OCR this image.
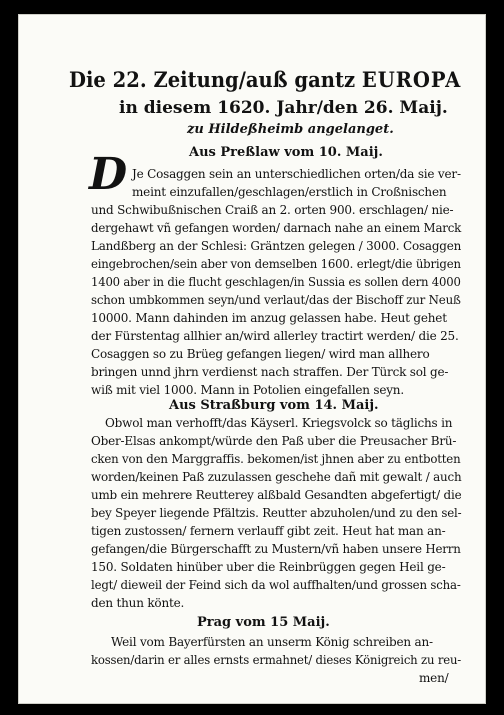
Die 22. Zeitung/auß gantz EUROPA
in diesem 1620. Jahr/den 26. Maij.
zu Hildeßheimb angelanget.
Aus Preßlaw vom 10. Maij.
D Je Cosaggen sein an unterschiedlichen orten/da sie ver-
meint einzufallen/geschlagen/erstlich in Croßnischen
und Schwibußnischen Craiß an 2. orten 900. erschlagen/ nie-
dergehawt vñ gefangen worden/ darnach nahe an einem Marck
Landßberg an der Schlesi: Gräntzen gelegen / 3000. Cosaggen
eingebrochen/sein aber von demselben 1600. erlegt/die übrigen
1400 aber in die flucht geschlagen/in Sussia es sollen dern 4000
schon umbkommen seyn/und verlaut/das der Bischoff zur Neuß
10000. Mann dahinden im anzug gelassen habe. Heut gehet
der Fürstentag allhier an/wird allerley tractirt werden/ die 25.
Cosaggen so zu Brüeg gefangen liegen/ wird man allhero
bringen unnd jhrn verdienst nach straffen. Der Türck sol ge-
wiß mit viel 1000. Mann in Potolien eingefallen seyn.
Aus Straßburg vom 14. Maij.
Obwol man verhofft/das Käyserl. Kriegsvolck so täglichs in
Ober-Elsas ankompt/würde den Paß uber die Preusacher Brü-
cken von den Marggraffis. bekomen/ist jhnen aber zu entbotten
worden/keinen Paß zuzulassen geschehe dañ mit gewalt / auch
umb ein mehrere Reutterey alßbald Gesandten abgefertigt/ die
bey Speyer liegende Pfältzis. Reutter abzuholen/und zu den sel-
tigen zustossen/ fernern verlauff gibt zeit. Heut hat man an-
gefangen/die Bürgerschafft zu Mustern/vñ haben unsere Herrn
150. Soldaten hinüber uber die Reinbrüggen gegen Heil ge-
legt/ dieweil der Feind sich da wol auffhalten/und grossen scha-
den thun könte.
Prag vom 15 Maij.
Weil vom Bayerfürsten an unserm König schreiben an-
kossen/darin er alles ernsts ermahnet/ dieses Königreich zu reu-
men/
